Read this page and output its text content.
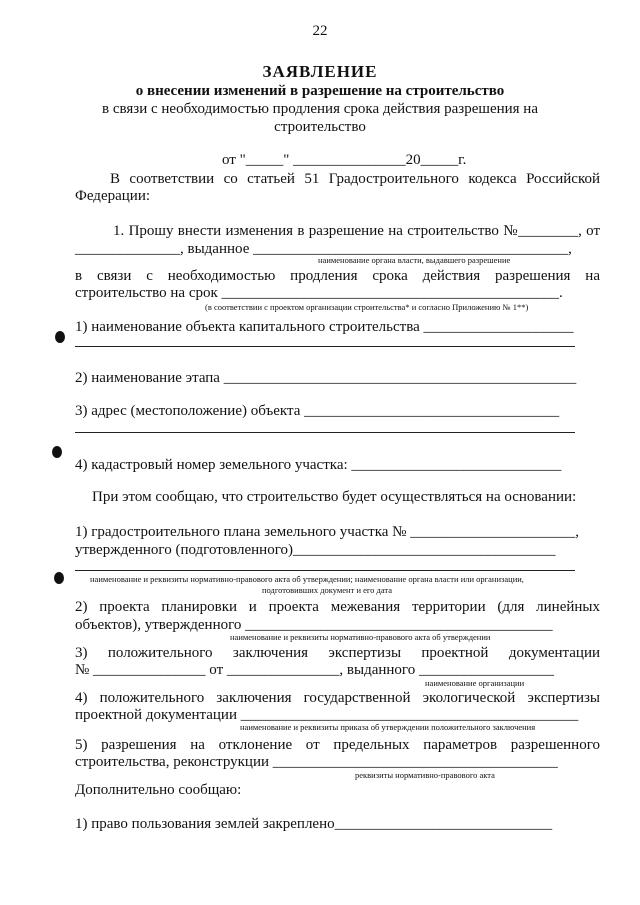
22
ЗАЯВЛЕНИЕ
о внесении изменений в разрешение на строительство
в связи с необходимостью продления срока действия разрешения на
строительство
от "_____" _______________20_____г.
В соответствии со статьей 51 Градостроительного кодекса Российской
Федерации:
1. Прошу внести изменения в разрешение на строительство №________, от
______________, выданное __________________________________________,
наименование органа власти, выдавшего разрешение
в связи с необходимостью продления срока действия разрешения на
строительство на срок _____________________________________________.
(в соответствии с проектом организации строительства* и согласно Приложению № 1**)
1) наименование объекта капитального строительства ____________________
2) наименование этапа _______________________________________________
3) адрес (местоположение) объекта __________________________________
4) кадастровый номер земельного участка: ____________________________
При этом сообщаю, что строительство будет осуществляться на основании:
1) градостроительного плана земельного участка № ______________________,
утвержденного (подготовленного)___________________________________
наименование и реквизиты нормативно-правового акта об утверждении; наименование органа власти или организации,
подготовивших документ и его дата
2) проекта планировки и проекта межевания территории (для линейных
объектов), утвержденного _________________________________________
наименование и реквизиты нормативно-правового акта об утверждении
3) положительного заключения экспертизы проектной документации
№ _______________ от _______________, выданного __________________
наименование организации
4) положительного заключения государственной экологической экспертизы
проектной документации _____________________________________________
наименование и реквизиты приказа об утверждении положительного заключения
5) разрешения на отклонение от предельных параметров разрешенного
строительства, реконструкции ______________________________________
реквизиты нормативно-правового акта
Дополнительно сообщаю:
1) право пользования землей закреплено_____________________________
